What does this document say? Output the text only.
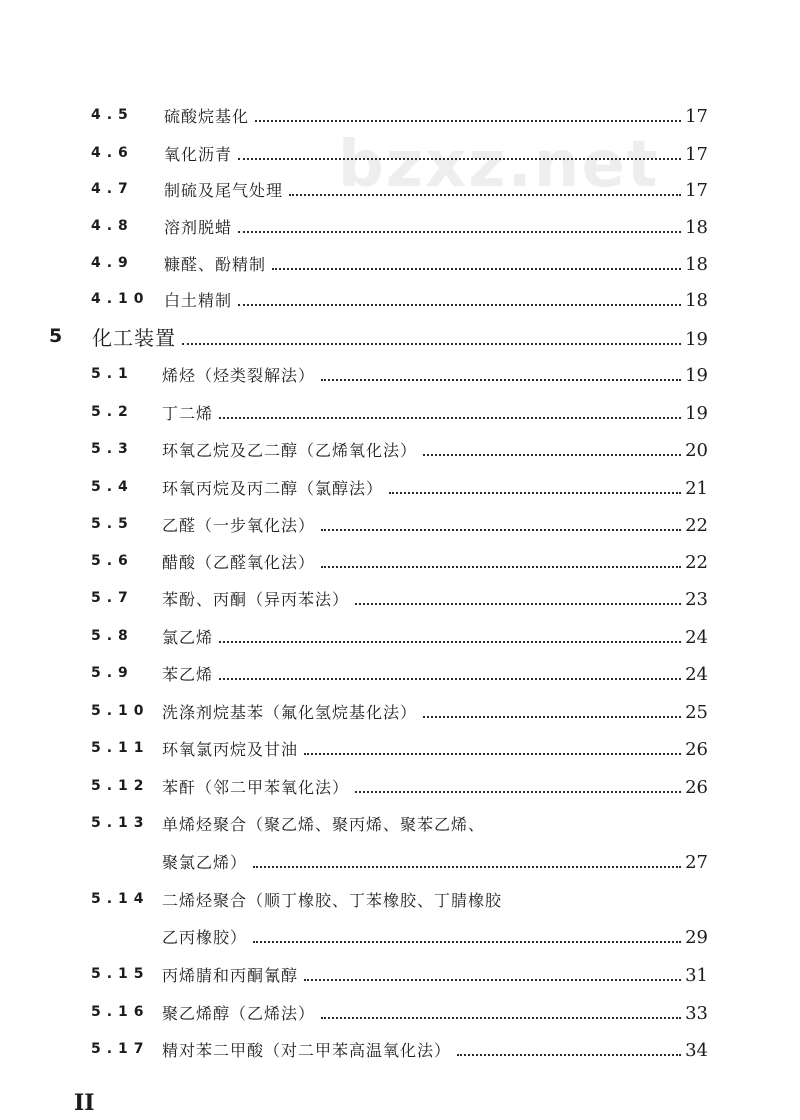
bzxz.net
4.5 硫酸烷基化	17
4.6 氧化沥青	17
4.7 制硫及尾气处理	17
4.8 溶剂脱蜡	18
4.9 糠醛、酚精制	18
4.10 白土精制	18
5 化工装置	19
5.1 烯烃（烃类裂解法）	19
5.2 丁二烯	19
5.3 环氧乙烷及乙二醇（乙烯氧化法）	20
5.4 环氧丙烷及丙二醇（氯醇法）	21
5.5 乙醛（一步氧化法）	22
5.6 醋酸（乙醛氧化法）	22
5.7 苯酚、丙酮（异丙苯法）	23
5.8 氯乙烯	24
5.9 苯乙烯	24
5.10 洗涤剂烷基苯（氟化氢烷基化法）	25
5.11 环氧氯丙烷及甘油	26
5.12 苯酐（邻二甲苯氧化法）	26
5.13 单烯烃聚合（聚乙烯、聚丙烯、聚苯乙烯、
聚氯乙烯）	27
5.14 二烯烃聚合（顺丁橡胶、丁苯橡胶、丁腈橡胶
乙丙橡胶）	29
5.15 丙烯腈和丙酮氰醇	31
5.16 聚乙烯醇（乙烯法）	33
5.17 精对苯二甲酸（对二甲苯高温氧化法）	34
II
